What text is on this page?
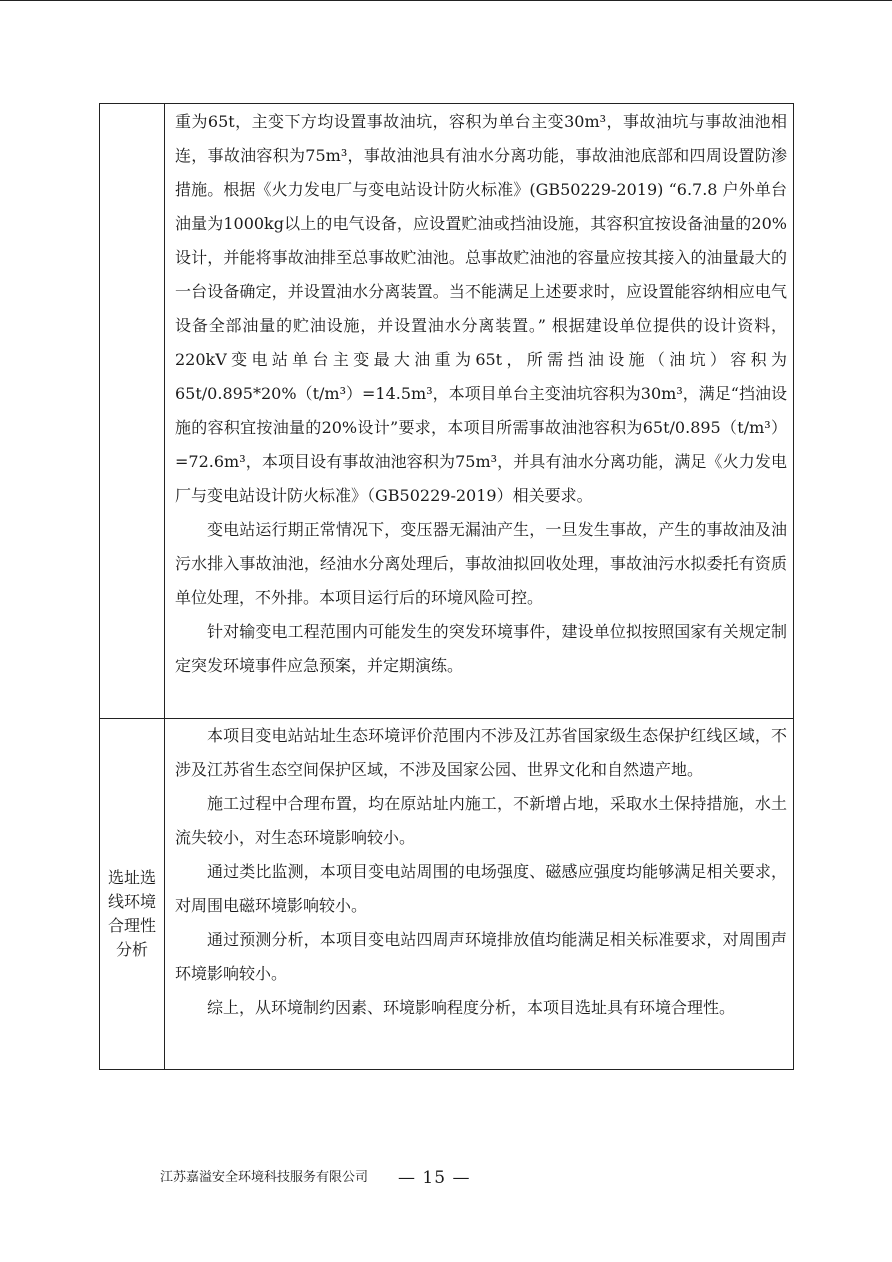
重为65t，主变下方均设置事故油坑，容积为单台主变30m³，事故油坑与事故油池相连，事故油容积为75m³，事故油池具有油水分离功能，事故油池底部和四周设置防渗措施。根据《火力发电厂与变电站设计防火标准》(GB50229-2019) “6.7.8 户外单台油量为1000kg以上的电气设备，应设置贮油或挡油设施，其容积宜按设备油量的20%设计，并能将事故油排至总事故贮油池。总事故贮油池的容量应按其接入的油量最大的一台设备确定，并设置油水分离装置。当不能满足上述要求时，应设置能容纳相应电气设备全部油量的贮油设施，并设置油水分离装置。” 根据建设单位提供的设计资料，220kV变电站单台主变最大油重为65t，所需挡油设施（油坑）容积为65t/0.895*20%（t/m³）=14.5m³，本项目单台主变油坑容积为30m³，满足“挡油设施的容积宜按油量的20%设计”要求，本项目所需事故油池容积为65t/0.895（t/m³）=72.6m³，本项目设有事故油池容积为75m³，并具有油水分离功能，满足《火力发电厂与变电站设计防火标准》（GB50229-2019）相关要求。

变电站运行期正常情况下，变压器无漏油产生，一旦发生事故，产生的事故油及油污水排入事故油池，经油水分离处理后，事故油拟回收处理，事故油污水拟委托有资质单位处理，不外排。本项目运行后的环境风险可控。

针对输变电工程范围内可能发生的突发环境事件，建设单位拟按照国家有关规定制定突发环境事件应急预案，并定期演练。

选址选线环境合理性分析

本项目变电站站址生态环境评价范围内不涉及江苏省国家级生态保护红线区域，不涉及江苏省生态空间保护区域，不涉及国家公园、世界文化和自然遗产地。

施工过程中合理布置，均在原站址内施工，不新增占地，采取水土保持措施，水土流失较小，对生态环境影响较小。

通过类比监测，本项目变电站周围的电场强度、磁感应强度均能够满足相关要求，对周围电磁环境影响较小。

通过预测分析，本项目变电站四周声环境排放值均能满足相关标准要求，对周围声环境影响较小。

综上，从环境制约因素、环境影响程度分析，本项目选址具有环境合理性。

江苏嘉溢安全环境科技服务有限公司 — 15 —
